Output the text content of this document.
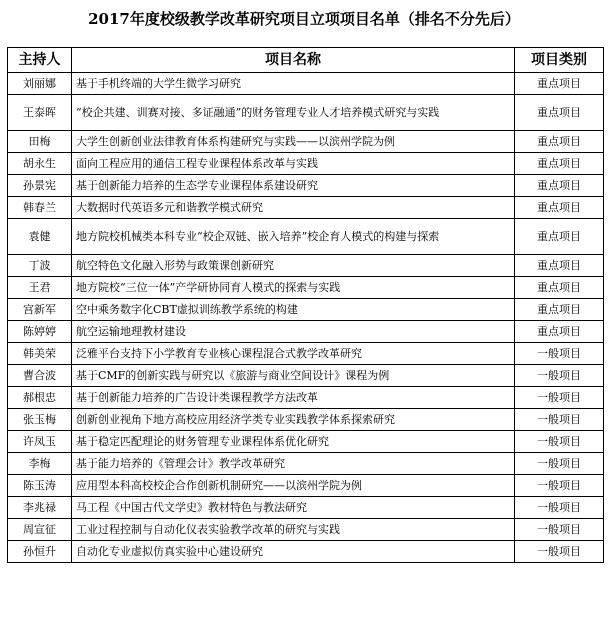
2017年度校级教学改革研究项目立项项目名单（排名不分先后）
主持人	项目名称	项目类别
刘丽娜	基于手机终端的大学生微学习研究	重点项目
王泰晖	“校企共建、训赛对接、多证融通”的财务管理专业人才培养模式研究与实践	重点项目
田梅	大学生创新创业法律教育体系构建研究与实践——以滨州学院为例	重点项目
胡永生	面向工程应用的通信工程专业课程体系改革与实践	重点项目
孙景宪	基于创新能力培养的生态学专业课程体系建设研究	重点项目
韩春兰	大数据时代英语多元和谐教学模式研究	重点项目
袁健	地方院校机械类本科专业“校企双链、嵌入培养”校企育人模式的构建与探索	重点项目
丁波	航空特色文化融入形势与政策课创新研究	重点项目
王君	地方院校“三位一体”产学研协同育人模式的探索与实践	重点项目
宫新军	空中乘务数字化CBT虚拟训练教学系统的构建	重点项目
陈婷婷	航空运输地理教材建设	重点项目
韩美荣	泛雅平台支持下小学教育专业核心课程混合式教学改革研究	一般项目
曹合波	基于CMF的创新实践与研究以《旅游与商业空间设计》课程为例	一般项目
郝根忠	基于创新能力培养的广告设计类课程教学方法改革	一般项目
张玉梅	创新创业视角下地方高校应用经济学类专业实践教学体系探索研究	一般项目
许凤玉	基于稳定匹配理论的财务管理专业课程体系优化研究	一般项目
李梅	基于能力培养的《管理会计》教学改革研究	一般项目
陈玉涛	应用型本科高校校企合作创新机制研究——以滨州学院为例	一般项目
李兆禄	马工程《中国古代文学史》教材特色与教法研究	一般项目
周宣征	工业过程控制与自动化仪表实验教学改革的研究与实践	一般项目
孙恒升	自动化专业虚拟仿真实验中心建设研究	一般项目
